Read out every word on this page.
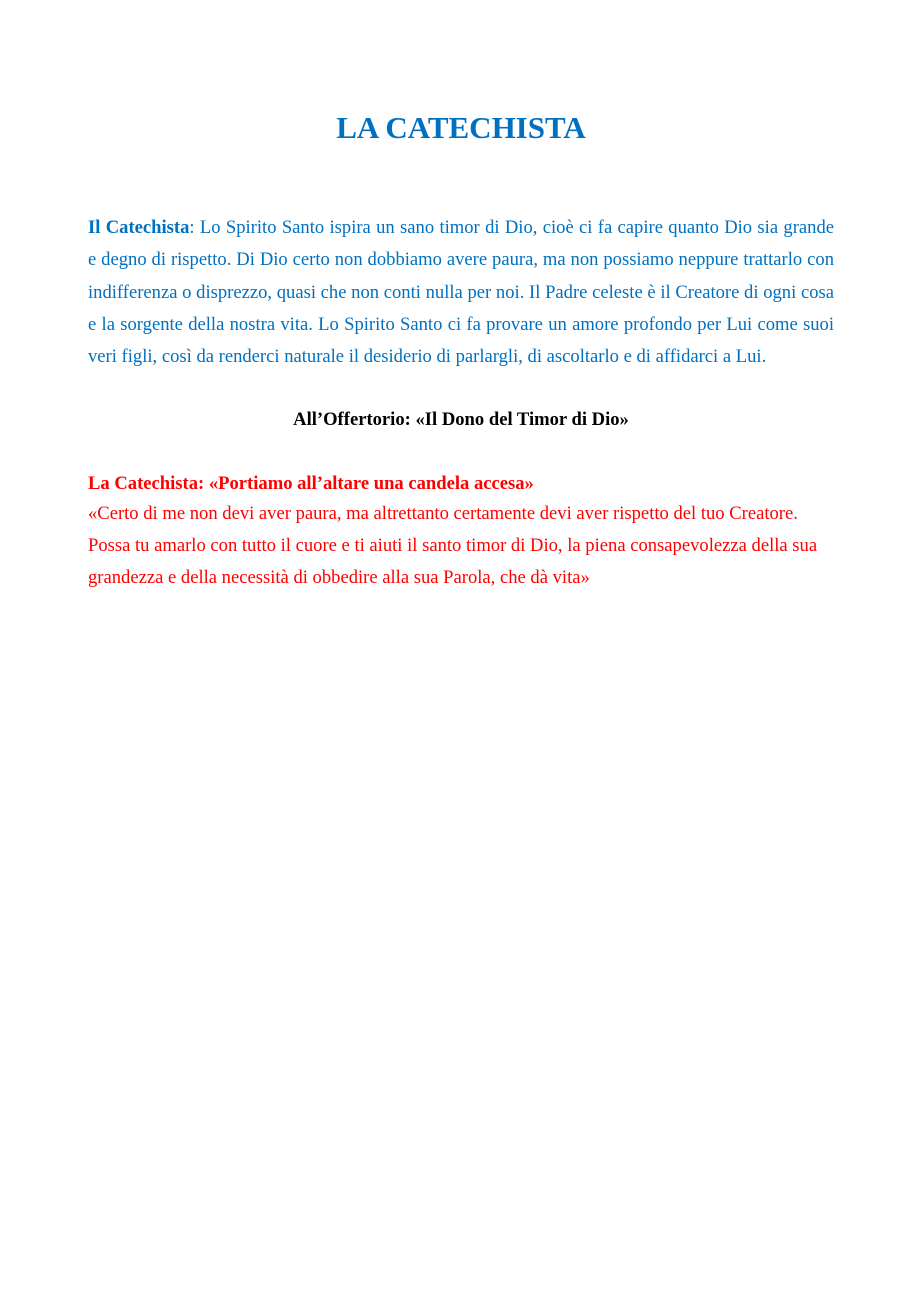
LA CATECHISTA

Il Catechista: Lo Spirito Santo ispira un sano timor di Dio, cioè ci fa capire quanto Dio sia grande e degno di rispetto. Di Dio certo non dobbiamo avere paura, ma non possiamo neppure trattarlo con indifferenza o disprezzo, quasi che non conti nulla per noi. Il Padre celeste è il Creatore di ogni cosa e la sorgente della nostra vita. Lo Spirito Santo ci fa provare un amore profondo per Lui come suoi veri figli, così da renderci naturale il desiderio di parlargli, di ascoltarlo e di affidarci a Lui.

All’Offertorio: «Il Dono del Timor di Dio»

La Catechista: «Portiamo all’altare una candela accesa»

«Certo di me non devi aver paura, ma altrettanto certamente devi aver rispetto del tuo Creatore.

Possa tu amarlo con tutto il cuore e ti aiuti il santo timor di Dio, la piena consapevolezza della sua grandezza e della necessità di obbedire alla sua Parola, che dà vita»
